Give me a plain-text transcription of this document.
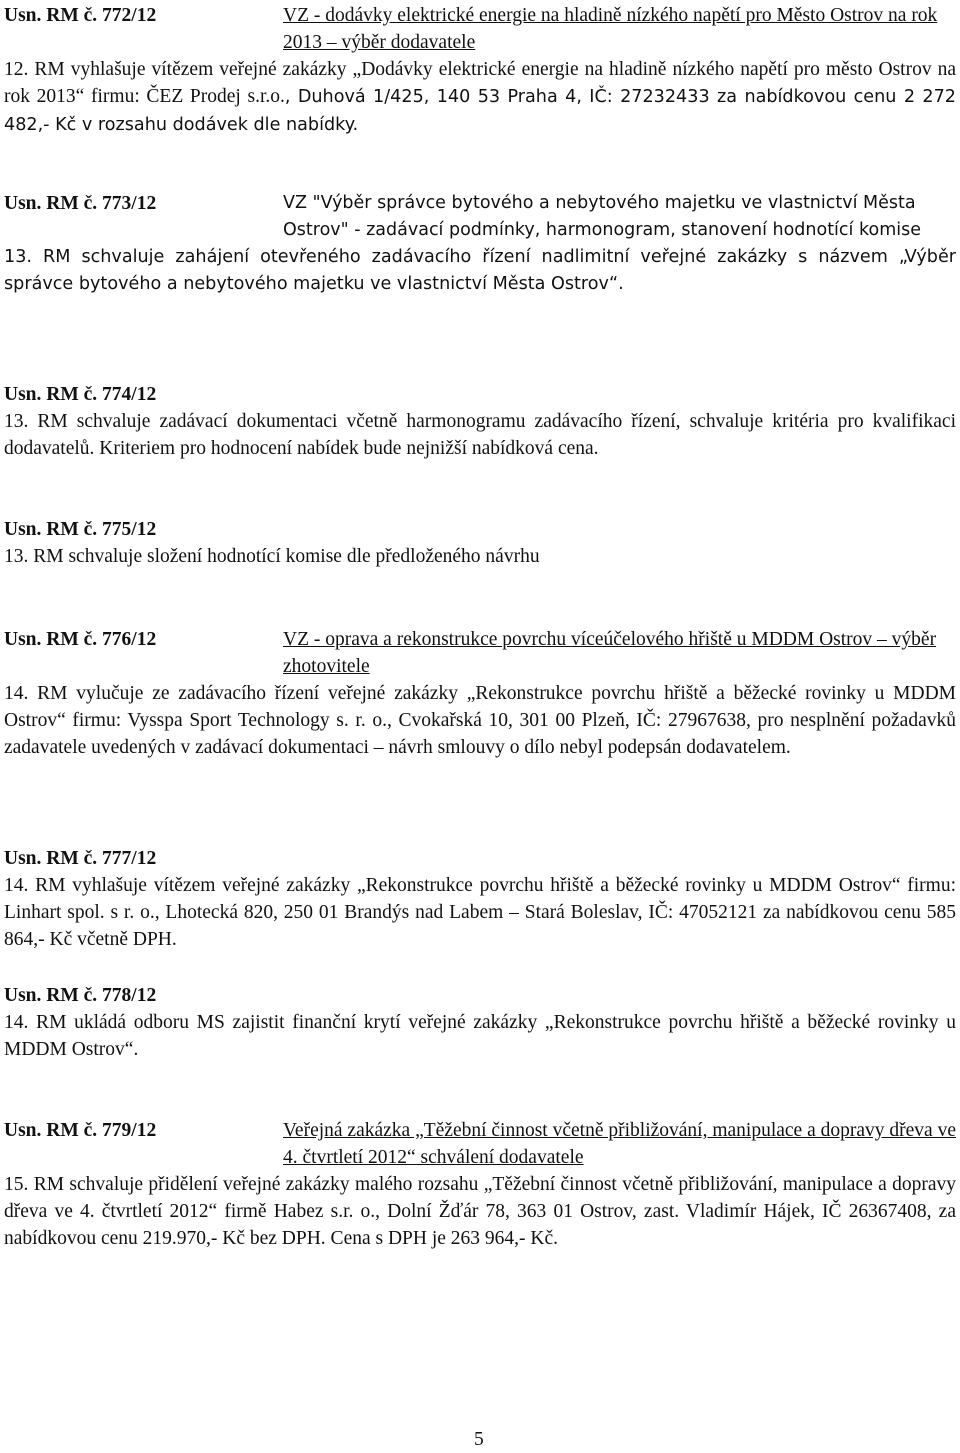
Usn. RM č. 772/12	VZ - dodávky elektrické energie na hladině nízkého napětí pro Město Ostrov na rok 2013 – výběr dodavatele
12. RM vyhlašuje vítězem veřejné zakázky „Dodávky elektrické energie na hladině nízkého napětí pro město Ostrov na rok 2013“ firmu: ČEZ Prodej s.r.o., Duhová 1/425, 140 53 Praha 4, IČ: 27232433 za nabídkovou cenu 2 272 482,- Kč v rozsahu dodávek dle nabídky.
Usn. RM č. 773/12	VZ "Výběr správce bytového a nebytového majetku ve vlastnictví Města Ostrov" - zadávací podmínky, harmonogram, stanovení hodnotící komise
13. RM schvaluje zahájení otevřeného zadávacího řízení nadlimitní veřejné zakázky s názvem „Výběr správce bytového a nebytového majetku ve vlastnictví Města Ostrov“.
Usn. RM č. 774/12
13. RM schvaluje zadávací dokumentaci včetně harmonogramu zadávacího řízení, schvaluje kritéria pro kvalifikaci dodavatelů. Kriteriem pro hodnocení nabídek bude nejnižší nabídková cena.
Usn. RM č. 775/12
13. RM schvaluje složení hodnotící komise dle předloženého návrhu
Usn. RM č. 776/12	VZ - oprava a rekonstrukce povrchu víceúčelového hřiště u MDDM Ostrov – výběr zhotovitele
14. RM vylučuje ze zadávacího řízení veřejné zakázky „Rekonstrukce povrchu hřiště a běžecké rovinky u MDDM Ostrov“ firmu: Vysspa Sport Technology s. r. o., Cvokařská 10, 301 00 Plzeň, IČ: 27967638, pro nesplnění požadavků zadavatele uvedených v zadávací dokumentaci – návrh smlouvy o dílo nebyl podepsán dodavatelem.
Usn. RM č. 777/12
14. RM vyhlašuje vítězem veřejné zakázky „Rekonstrukce povrchu hřiště a běžecké rovinky u MDDM Ostrov“ firmu: Linhart spol. s r. o., Lhotecká 820, 250 01 Brandýs nad Labem – Stará Boleslav, IČ: 47052121 za nabídkovou cenu 585 864,- Kč včetně DPH.
Usn. RM č. 778/12
14. RM ukládá odboru MS zajistit finanční krytí veřejné zakázky „Rekonstrukce povrchu hřiště a běžecké rovinky u MDDM Ostrov“.
Usn. RM č. 779/12	Veřejná zakázka „Těžební činnost včetně přibližování, manipulace a dopravy dřeva ve 4. čtvrtletí 2012“ schválení dodavatele
15. RM schvaluje přidělení veřejné zakázky malého rozsahu „Těžební činnost včetně přibližování, manipulace a dopravy dřeva ve 4. čtvrtletí 2012“ firmě Habez s.r. o., Dolní Žďár 78, 363 01 Ostrov, zast. Vladimír Hájek, IČ 26367408, za nabídkovou cenu 219.970,- Kč bez DPH. Cena s DPH je 263 964,- Kč.
5
